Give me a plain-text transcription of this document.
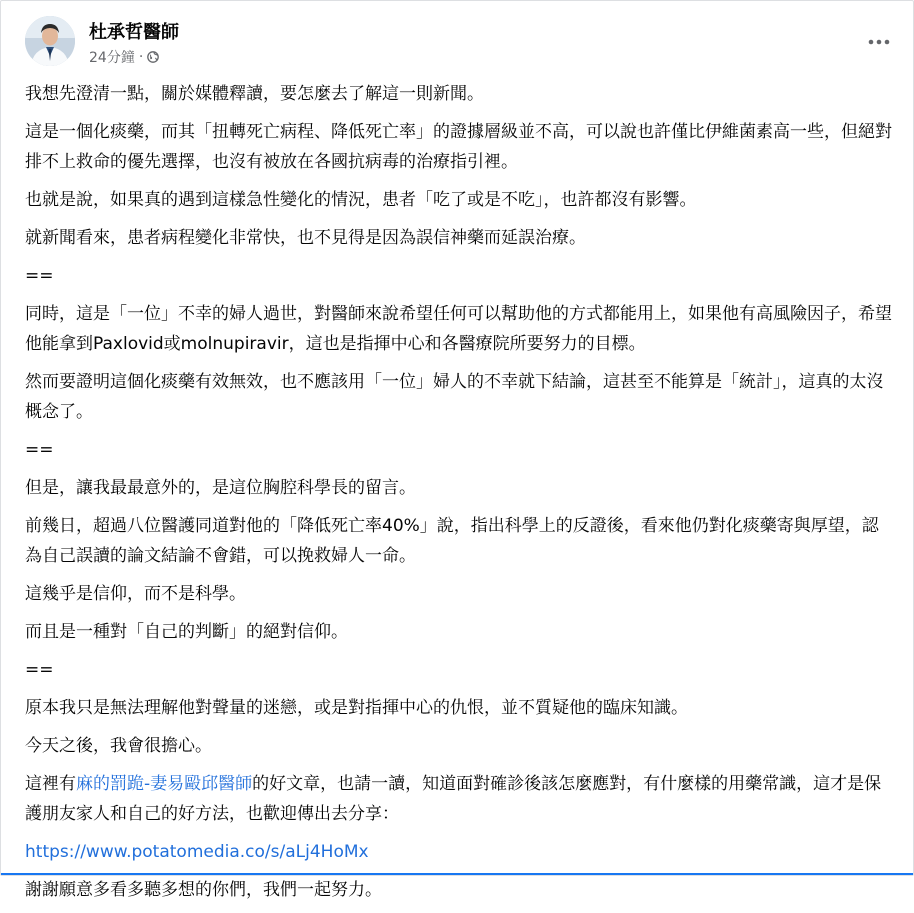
杜承哲醫師
24分鐘 ·

我想先澄清一點，關於媒體釋讀，要怎麼去了解這一則新聞。

這是一個化痰藥，而其「扭轉死亡病程、降低死亡率」的證據層級並不高，可以說也許僅比伊維菌素高一些，但絕對排不上救命的優先選擇，也沒有被放在各國抗病毒的治療指引裡。

也就是說，如果真的遇到這樣急性變化的情況，患者「吃了或是不吃」，也許都沒有影響。

就新聞看來，患者病程變化非常快，也不見得是因為誤信神藥而延誤治療。

==

同時，這是「一位」不幸的婦人過世，對醫師來說希望任何可以幫助他的方式都能用上，如果他有高風險因子，希望他能拿到Paxlovid或molnupiravir，這也是指揮中心和各醫療院所要努力的目標。

然而要證明這個化痰藥有效無效，也不應該用「一位」婦人的不幸就下結論，這甚至不能算是「統計」，這真的太沒概念了。

==

但是，讓我最最意外的，是這位胸腔科學長的留言。

前幾日，超過八位醫護同道對他的「降低死亡率40%」說，指出科學上的反證後，看來他仍對化痰藥寄與厚望，認為自己誤讀的論文結論不會錯，可以挽救婦人一命。

這幾乎是信仰，而不是科學。

而且是一種對「自己的判斷」的絕對信仰。

==

原本我只是無法理解他對聲量的迷戀，或是對指揮中心的仇恨，並不質疑他的臨床知識。

今天之後，我會很擔心。

這裡有麻的罰跪-妻易毆邱醫師的好文章，也請一讀，知道面對確診後該怎麼應對，有什麼樣的用藥常識，這才是保護朋友家人和自己的好方法，也歡迎傳出去分享：

https://www.potatomedia.co/s/aLj4HoMx

謝謝願意多看多聽多想的你們，我們一起努力。
